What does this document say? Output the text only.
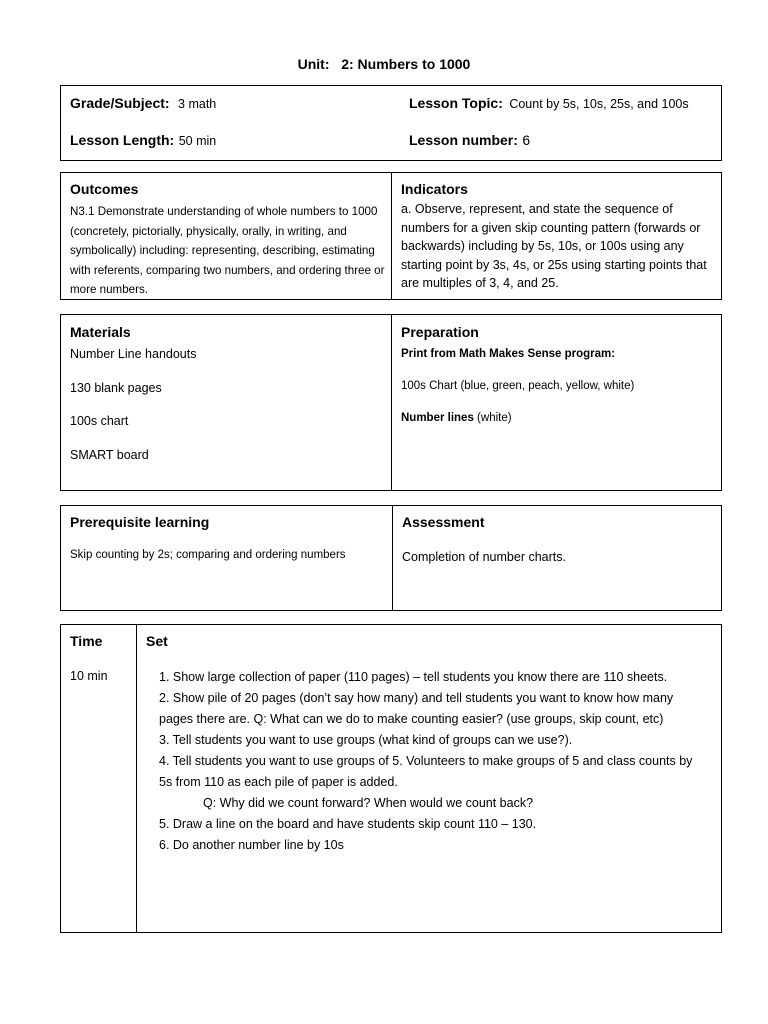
Unit: 2: Numbers to 1000
Grade/Subject: 3 math	Lesson Topic: Count by 5s, 10s, 25s, and 100s
Lesson Length: 50 min	Lesson number: 6
Outcomes
N3.1 Demonstrate understanding of whole numbers to 1000 (concretely, pictorially, physically, orally, in writing, and symbolically) including: representing, describing, estimating with referents, comparing two numbers, and ordering three or more numbers.
Indicators
a. Observe, represent, and state the sequence of numbers for a given skip counting pattern (forwards or backwards) including by 5s, 10s, or 100s using any starting point by 3s, 4s, or 25s using starting points that are multiples of 3, 4, and 25.
Materials
Number Line handouts
130 blank pages
100s chart
SMART board
Preparation
Print from Math Makes Sense program:
100s Chart (blue, green, peach, yellow, white)
Number lines (white)
Prerequisite learning
Skip counting by 2s; comparing and ordering numbers
Assessment
Completion of number charts.
Time	Set
10 min	1. Show large collection of paper (110 pages) – tell students you know there are 110 sheets.

2. Show pile of 20 pages (don’t say how many) and tell students you want to know how many pages there are. Q: What can we do to make counting easier? (use groups, skip count, etc)

3. Tell students you want to use groups (what kind of groups can we use?).

4. Tell students you want to use groups of 5. Volunteers to make groups of 5 and class counts by 5s from 110 as each pile of paper is added.

Q: Why did we count forward? When would we count back?

5. Draw a line on the board and have students skip count 110 – 130.

6. Do another number line by 10s
